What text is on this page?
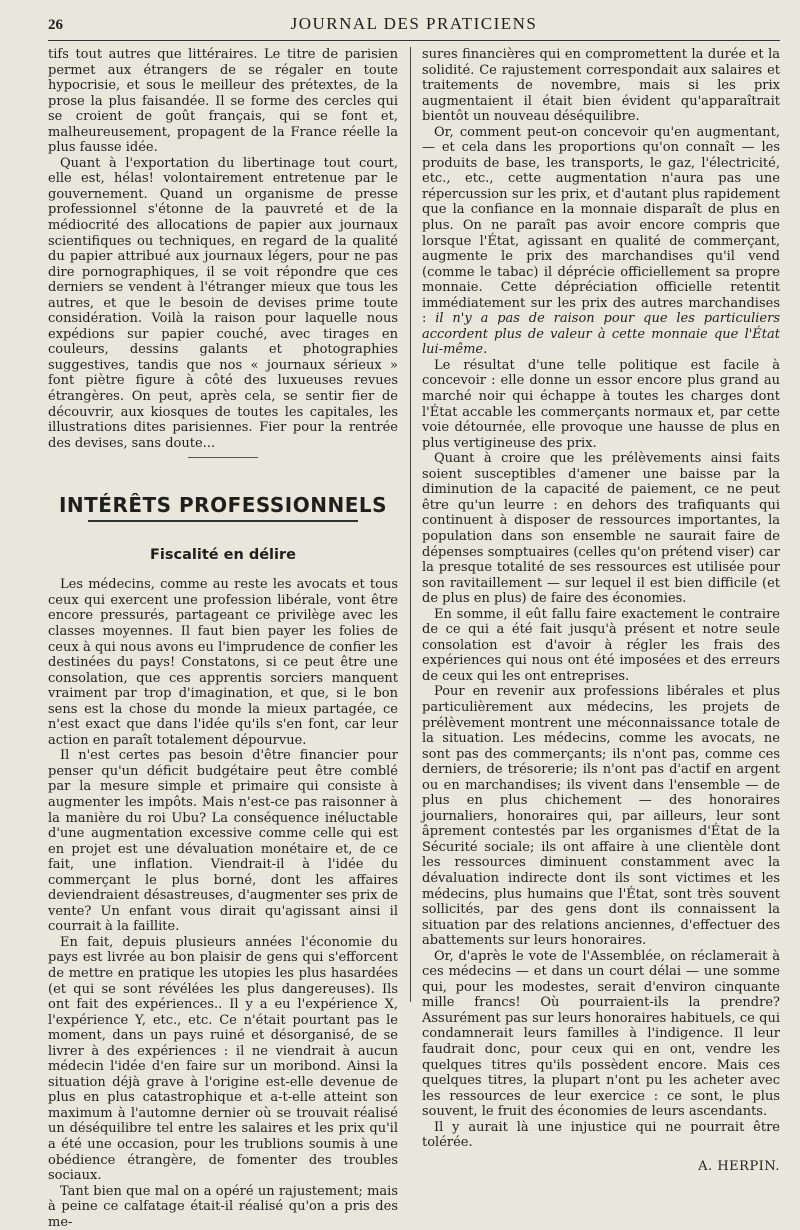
26	JOURNAL DES PRATICIENS

tifs tout autres que littéraires. Le titre de parisien permet aux étrangers de se régaler en toute hypocrisie, et sous le meilleur des prétextes, de la prose la plus faisandée. Il se forme des cercles qui se croient de goût français, qui se font et, malheureusement, propagent de la France réelle la plus fausse idée.

Quant à l'exportation du libertinage tout court, elle est, hélas! volontairement entretenue par le gouvernement. Quand un organisme de presse professionnel s'étonne de la pauvreté et de la médiocrité des allocations de papier aux journaux scientifiques ou techniques, en regard de la qualité du papier attribué aux journaux légers, pour ne pas dire pornographiques, il se voit répondre que ces derniers se vendent à l'étranger mieux que tous les autres, et que le besoin de devises prime toute considération. Voilà la raison pour laquelle nous expédions sur papier couché, avec tirages en couleurs, dessins galants et photographies suggestives, tandis que nos « journaux sérieux » font piètre figure à côté des luxueuses revues étrangères. On peut, après cela, se sentir fier de découvrir, aux kiosques de toutes les capitales, les illustrations dites parisiennes. Fier pour la rentrée des devises, sans doute...

INTÉRÊTS PROFESSIONNELS
Fiscalité en délire

Les médecins, comme au reste les avocats et tous ceux qui exercent une profession libérale, vont être encore pressurés, partageant ce privilège avec les classes moyennes. Il faut bien payer les folies de ceux à qui nous avons eu l'imprudence de confier les destinées du pays! Constatons, si ce peut être une consolation, que ces apprentis sorciers manquent vraiment par trop d'imagination, et que, si le bon sens est la chose du monde la mieux partagée, ce n'est exact que dans l'idée qu'ils s'en font, car leur action en paraît totalement dépourvue.

Il n'est certes pas besoin d'être financier pour penser qu'un déficit budgétaire peut être comblé par la mesure simple et primaire qui consiste à augmenter les impôts. Mais n'est-ce pas raisonner à la manière du roi Ubu? La conséquence inéluctable d'une augmentation excessive comme celle qui est en projet est une dévaluation monétaire et, de ce fait, une inflation. Viendrait-il à l'idée du commerçant le plus borné, dont les affaires deviendraient désastreuses, d'augmenter ses prix de vente? Un enfant vous dirait qu'agissant ainsi il courrait à la faillite.

En fait, depuis plusieurs années l'économie du pays est livrée au bon plaisir de gens qui s'efforcent de mettre en pratique les utopies les plus hasardées (et qui se sont révélées les plus dangereuses). Ils ont fait des expériences.. Il y a eu l'expérience X, l'expérience Y, etc., etc. Ce n'était pourtant pas le moment, dans un pays ruiné et désorganisé, de se livrer à des expériences : il ne viendrait à aucun médecin l'idée d'en faire sur un moribond. Ainsi la situation déjà grave à l'origine est-elle devenue de plus en plus catastrophique et a-t-elle atteint son maximum à l'automne dernier où se trouvait réalisé un déséquilibre tel entre les salaires et les prix qu'il a été une occasion, pour les trublions soumis à une obédience étrangère, de fomenter des troubles sociaux.

Tant bien que mal on a opéré un rajustement; mais à peine ce calfatage était-il réalisé qu'on a pris des me-

sures financières qui en compromettent la durée et la solidité. Ce rajustement correspondait aux salaires et traitements de novembre, mais si les prix augmentaient il était bien évident qu'apparaîtrait bientôt un nouveau déséquilibre.

Or, comment peut-on concevoir qu'en augmentant, — et cela dans les proportions qu'on connaît — les produits de base, les transports, le gaz, l'électricité, etc., etc., cette augmentation n'aura pas une répercussion sur les prix, et d'autant plus rapidement que la confiance en la monnaie disparaît de plus en plus. On ne paraît pas avoir encore compris que lorsque l'État, agissant en qualité de commerçant, augmente le prix des marchandises qu'il vend (comme le tabac) il déprécie officiellement sa propre monnaie. Cette dépréciation officielle retentit immédiatement sur les prix des autres marchandises : il n'y a pas de raison pour que les particuliers accordent plus de valeur à cette monnaie que l'État lui-même.

Le résultat d'une telle politique est facile à concevoir : elle donne un essor encore plus grand au marché noir qui échappe à toutes les charges dont l'État accable les commerçants normaux et, par cette voie détournée, elle provoque une hausse de plus en plus vertigineuse des prix.

Quant à croire que les prélèvements ainsi faits soient susceptibles d'amener une baisse par la diminution de la capacité de paiement, ce ne peut être qu'un leurre : en dehors des trafiquants qui continuent à disposer de ressources importantes, la population dans son ensemble ne saurait faire de dépenses somptuaires (celles qu'on prétend viser) car la presque totalité de ses ressources est utilisée pour son ravitaillement — sur lequel il est bien difficile (et de plus en plus) de faire des économies.

En somme, il eût fallu faire exactement le contraire de ce qui a été fait jusqu'à présent et notre seule consolation est d'avoir à régler les frais des expériences qui nous ont été imposées et des erreurs de ceux qui les ont entreprises.

Pour en revenir aux professions libérales et plus particulièrement aux médecins, les projets de prélèvement montrent une méconnaissance totale de la situation. Les médecins, comme les avocats, ne sont pas des commerçants; ils n'ont pas, comme ces derniers, de trésorerie; ils n'ont pas d'actif en argent ou en marchandises; ils vivent dans l'ensemble — de plus en plus chichement — des honoraires journaliers, honoraires qui, par ailleurs, leur sont âprement contestés par les organismes d'État de la Sécurité sociale; ils ont affaire à une clientèle dont les ressources diminuent constamment avec la dévaluation indirecte dont ils sont victimes et les médecins, plus humains que l'État, sont très souvent sollicités, par des gens dont ils connaissent la situation par des relations anciennes, d'effectuer des abattements sur leurs honoraires.

Or, d'après le vote de l'Assemblée, on réclamerait à ces médecins — et dans un court délai — une somme qui, pour les modestes, serait d'environ cinquante mille francs! Où pourraient-ils la prendre? Assurément pas sur leurs honoraires habituels, ce qui condamnerait leurs familles à l'indigence. Il leur faudrait donc, pour ceux qui en ont, vendre les quelques titres qu'ils possèdent encore. Mais ces quelques titres, la plupart n'ont pu les acheter avec les ressources de leur exercice : ce sont, le plus souvent, le fruit des économies de leurs ascendants.

Il y aurait là une injustice qui ne pourrait être tolérée.

A. HERPIN.
